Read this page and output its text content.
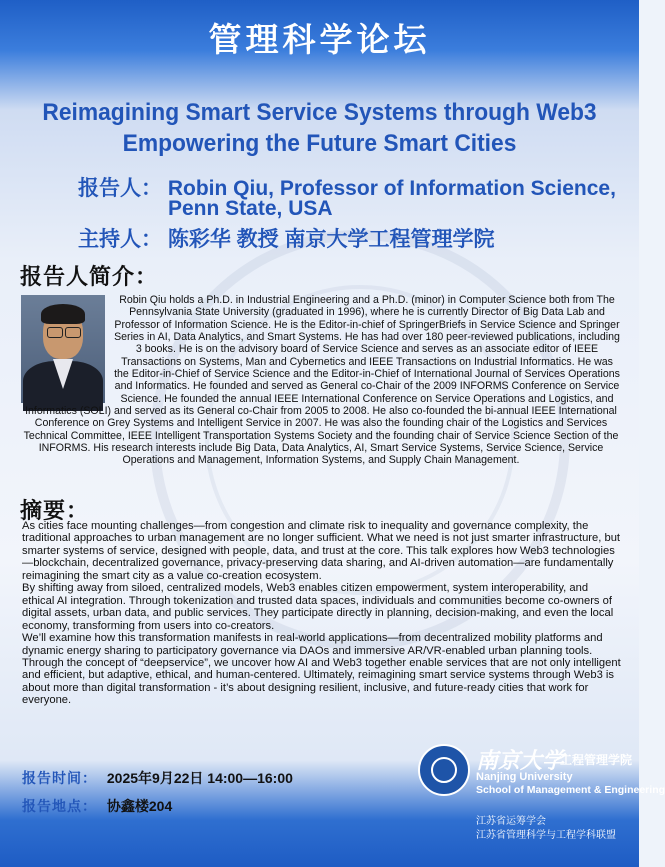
管理科学论坛
Reimagining Smart Service Systems through Web3
Empowering the Future Smart Cities
报告人： Robin Qiu, Professor of Information Science,
Penn State, USA
主持人： 陈彩华 教授 南京大学工程管理学院
报告人简介：
Robin Qiu holds a Ph.D. in Industrial Engineering and a Ph.D. (minor) in Computer Science both from The Pennsylvania State University (graduated in 1996), where he is currently Director of Big Data Lab and Professor of Information Science. He is the Editor-in-chief of SpringerBriefs in Service Science and Springer Series in AI, Data Analytics, and Smart Systems. He has had over 180 peer-reviewed publications, including 3 books. He is on the advisory board of Service Science and serves as an associate editor of IEEE Transactions on Systems, Man and Cybernetics and IEEE Transactions on Industrial Informatics. He was the Editor-in-Chief of Service Science and the Editor-in-Chief of International Journal of Services Operations and Informatics. He founded and served as General co-Chair of the 2009 INFORMS Conference on Service Science. He founded the annual IEEE International Conference on Service Operations and Logistics, and Informatics (SOLI) and served as its General co-Chair from 2005 to 2008. He also co-founded the bi-annual IEEE International Conference on Grey Systems and Intelligent Service in 2007. He was also the founding chair of the Logistics and Services Technical Committee, IEEE Intelligent Transportation Systems Society and the founding chair of Service Science Section of the INFORMS. His research interests include Big Data, Data Analytics, AI, Smart Service Systems, Service Science, Service Operations and Management, Information Systems, and Supply Chain Management.
摘要：

As cities face mounting challenges—from congestion and climate risk to inequality and governance complexity, the traditional approaches to urban management are no longer sufficient. What we need is not just smarter infrastructure, but smarter systems of service, designed with people, data, and trust at the core. This talk explores how Web3 technologies—blockchain, decentralized governance, privacy-preserving data sharing, and AI-driven automation—are fundamentally reimagining the smart city as a value co-creation ecosystem.

By shifting away from siloed, centralized models, Web3 enables citizen empowerment, system interoperability, and ethical AI integration. Through tokenization and trusted data spaces, individuals and communities become co-owners of digital assets, urban data, and public services. They participate directly in planning, decision-making, and even the local economy, transforming from users into co-creators.

We’ll examine how this transformation manifests in real-world applications—from decentralized mobility platforms and dynamic energy sharing to participatory governance via DAOs and immersive AR/VR-enabled urban planning tools. Through the concept of “deepservice”, we uncover how AI and Web3 together enable services that are not only intelligent and efficient, but adaptive, ethical, and human-centered. Ultimately, reimagining smart service systems through Web3 is about more than digital transformation - it’s about designing resilient, inclusive, and future-ready cities that work for everyone.

报告时间： 2025年9月22日 14:00—16:00
报告地点： 协鑫楼204
南京大学
工程管理学院
Nanjing University
School of Management & Engineering
江苏省运筹学会
江苏省管理科学与工程学科联盟
